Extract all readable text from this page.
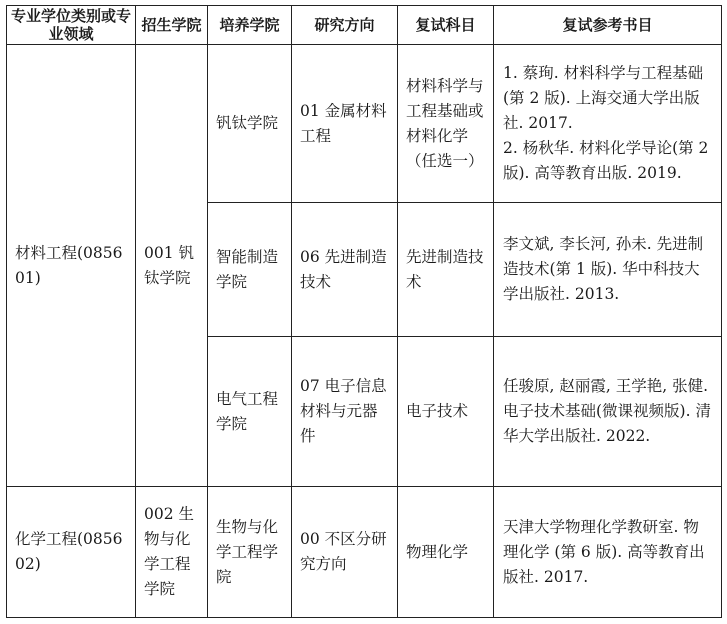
专业学位类别或专业领域	招生学院	培养学院	研究方向	复试科目	复试参考书目
材料工程(085601)	001 钒钛学院	钒钛学院	01 金属材料工程	材料科学与工程基础或材料化学（任选一）	1. 蔡珣. 材料科学与工程基础(第 2 版). 上海交通大学出版社. 2017.
2. 杨秋华. 材料化学导论(第 2 版). 高等教育出版. 2019.

		智能制造学院	06 先进制造技术	先进制造技术	李文斌, 李长河, 孙未. 先进制造技术(第 1 版). 华中科技大学出版社. 2013.

		电气工程学院	07 电子信息材料与元器件	电子技术	任骏原, 赵丽霞, 王学艳, 张健. 电子技术基础(微课视频版). 清华大学出版社. 2022.

化学工程(085602)	002 生物与化学工程学院	生物与化学工程学院	00 不区分研究方向	物理化学	天津大学物理化学教研室. 物理化学 (第 6 版). 高等教育出版社. 2017.
